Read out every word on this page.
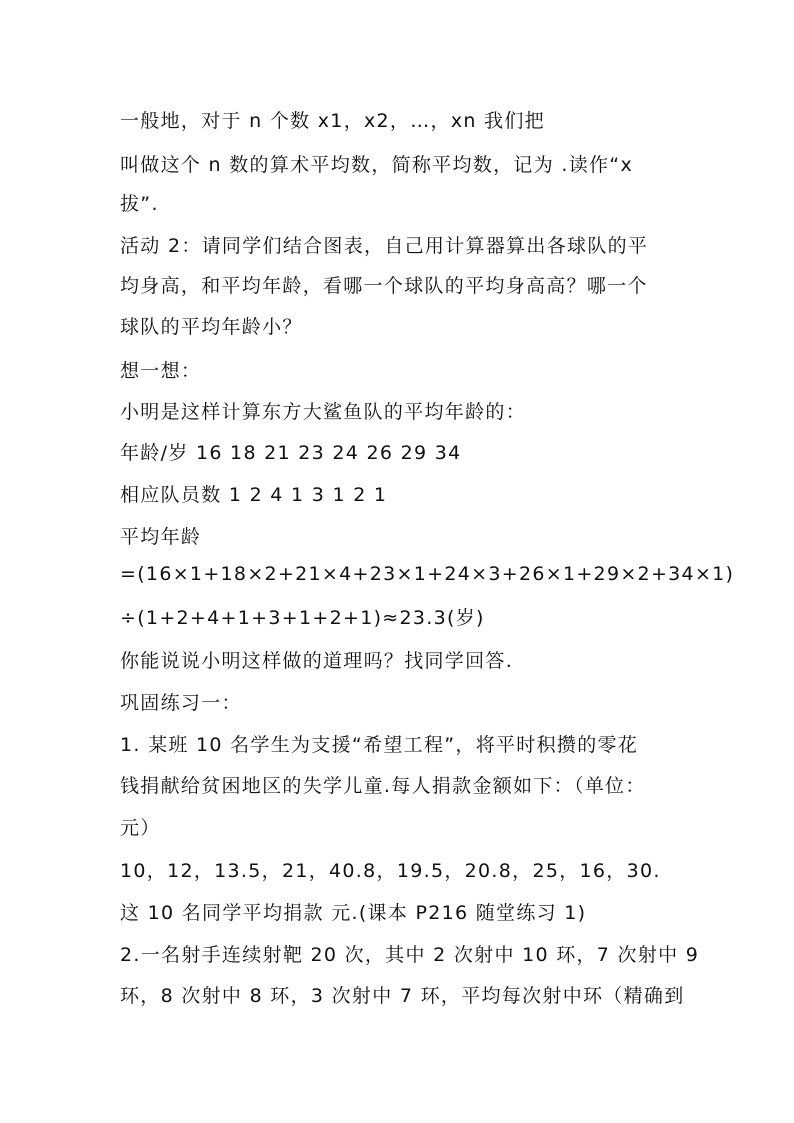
一般地，对于 n 个数 x1，x2，…，xn 我们把

叫做这个 n 数的算术平均数，简称平均数，记为 .读作“x

拔”.

活动 2：请同学们结合图表，自己用计算器算出各球队的平

均身高，和平均年龄，看哪一个球队的平均身高高？哪一个

球队的平均年龄小？

想一想：

小明是这样计算东方大鲨鱼队的平均年龄的：

年龄/岁 16 18 21 23 24 26 29 34

相应队员数 1 2 4 1 3 1 2 1

平均年龄

=(16×1+18×2+21×4+23×1+24×3+26×1+29×2+34×1)

÷(1+2+4+1+3+1+2+1)≈23.3(岁)

你能说说小明这样做的道理吗？找同学回答.

巩固练习一：

1. 某班 10 名学生为支援“希望工程”，将平时积攒的零花

钱捐献给贫困地区的失学儿童.每人捐款金额如下：（单位：

元）

10，12，13.5，21，40.8，19.5，20.8，25，16，30.

这 10 名同学平均捐款 元.(课本 P216 随堂练习 1)

2.一名射手连续射靶 20 次，其中 2 次射中 10 环，7 次射中 9

环，8 次射中 8 环，3 次射中 7 环，平均每次射中环（精确到
